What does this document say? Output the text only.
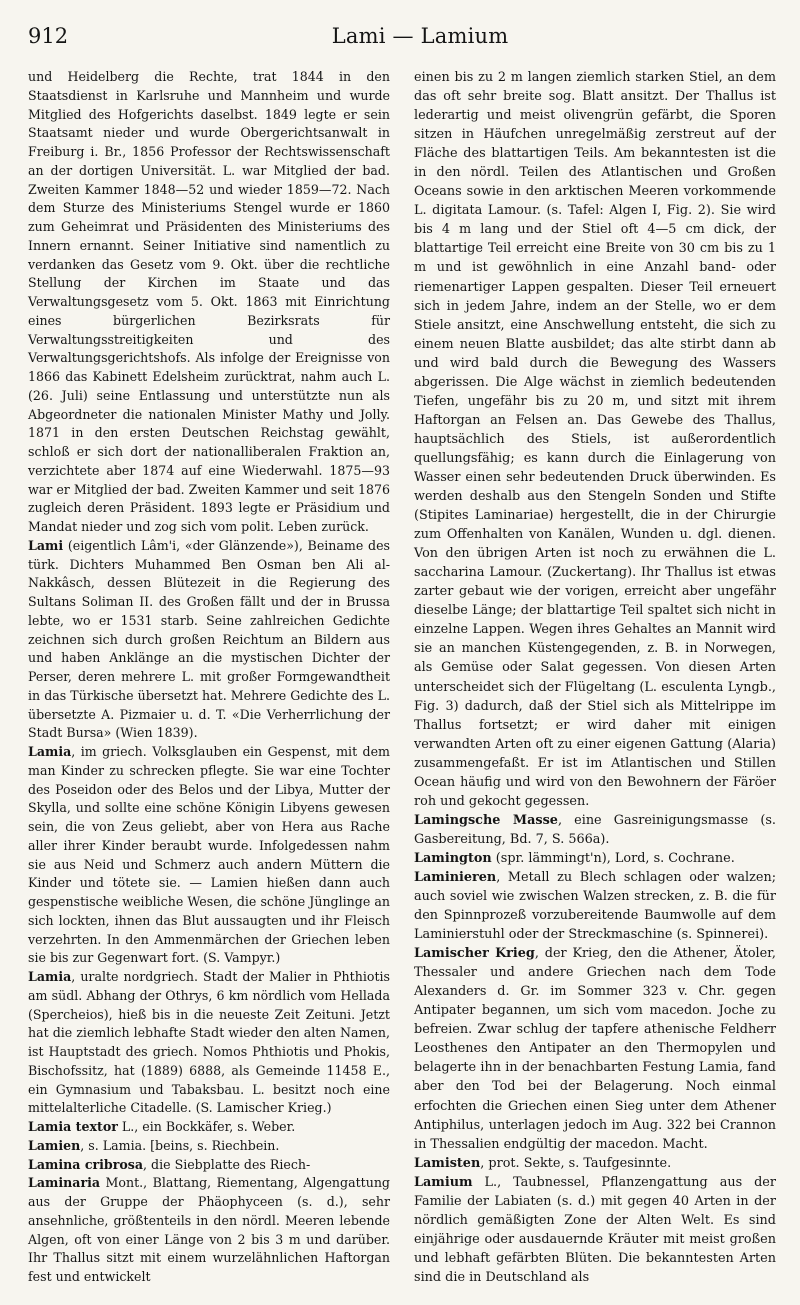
912	Lami — Lamium

und Heidelberg die Rechte, trat 1844 in den Staatsdienst in Karlsruhe und Mannheim und wurde Mitglied des Hofgerichts daselbst. 1849 legte er sein Staatsamt nieder und wurde Obergerichtsanwalt in Freiburg i. Br., 1856 Professor der Rechtswissenschaft an der dortigen Universität. L. war Mitglied der bad. Zweiten Kammer 1848—52 und wieder 1859—72. Nach dem Sturze des Ministeriums Stengel wurde er 1860 zum Geheimrat und Präsidenten des Ministeriums des Innern ernannt. Seiner Initiative sind namentlich zu verdanken das Gesetz vom 9. Okt. über die rechtliche Stellung der Kirchen im Staate und das Verwaltungsgesetz vom 5. Okt. 1863 mit Einrichtung eines bürgerlichen Bezirksrats für Verwaltungsstreitigkeiten und des Verwaltungsgerichtshofs. Als infolge der Ereignisse von 1866 das Kabinett Edelsheim zurücktrat, nahm auch L. (26. Juli) seine Entlassung und unterstützte nun als Abgeordneter die nationalen Minister Mathy und Jolly. 1871 in den ersten Deutschen Reichstag gewählt, schloß er sich dort der nationalliberalen Fraktion an, verzichtete aber 1874 auf eine Wiederwahl. 1875—93 war er Mitglied der bad. Zweiten Kammer und seit 1876 zugleich deren Präsident. 1893 legte er Präsidium und Mandat nieder und zog sich vom polit. Leben zurück.

Lami (eigentlich Lâm'i, «der Glänzende»), Beiname des türk. Dichters Muhammed Ben Osman ben Ali al-Nakkâsch, dessen Blütezeit in die Regierung des Sultans Soliman II. des Großen fällt und der in Brussa lebte, wo er 1531 starb. Seine zahlreichen Gedichte zeichnen sich durch großen Reichtum an Bildern aus und haben Anklänge an die mystischen Dichter der Perser, deren mehrere L. mit großer Formgewandtheit in das Türkische übersetzt hat. Mehrere Gedichte des L. übersetzte A. Pizmaier u. d. T. «Die Verherrlichung der Stadt Bursa» (Wien 1839).

Lamia, im griech. Volksglauben ein Gespenst, mit dem man Kinder zu schrecken pflegte. Sie war eine Tochter des Poseidon oder des Belos und der Libya, Mutter der Skylla, und sollte eine schöne Königin Libyens gewesen sein, die von Zeus geliebt, aber von Hera aus Rache aller ihrer Kinder beraubt wurde. Infolgedessen nahm sie aus Neid und Schmerz auch andern Müttern die Kinder und tötete sie. — Lamien hießen dann auch gespenstische weibliche Wesen, die schöne Jünglinge an sich lockten, ihnen das Blut aussaugten und ihr Fleisch verzehrten. In den Ammenmärchen der Griechen leben sie bis zur Gegenwart fort. (S. Vampyr.)

Lamia, uralte nordgriech. Stadt der Malier in Phthiotis am südl. Abhang der Othrys, 6 km nördlich vom Hellada (Spercheios), hieß bis in die neueste Zeit Zeituni. Jetzt hat die ziemlich lebhafte Stadt wieder den alten Namen, ist Hauptstadt des griech. Nomos Phthiotis und Phokis, Bischofssitz, hat (1889) 6888, als Gemeinde 11458 E., ein Gymnasium und Tabaksbau. L. besitzt noch eine mittelalterliche Citadelle. (S. Lamischer Krieg.)

Lamia textor L., ein Bockkäfer, s. Weber.

Lamien, s. Lamia. [beins, s. Riechbein.

Lamina cribrosa, die Siebplatte des Riech-

Laminaria Mont., Blattang, Riementang, Algengattung aus der Gruppe der Phäophyceen (s. d.), sehr ansehnliche, größtenteils in den nördl. Meeren lebende Algen, oft von einer Länge von 2 bis 3 m und darüber. Ihr Thallus sitzt mit einem wurzelähnlichen Haftorgan fest und entwickelt

einen bis zu 2 m langen ziemlich starken Stiel, an dem das oft sehr breite sog. Blatt ansitzt. Der Thallus ist lederartig und meist olivengrün gefärbt, die Sporen sitzen in Häufchen unregelmäßig zerstreut auf der Fläche des blattartigen Teils. Am bekanntesten ist die in den nördl. Teilen des Atlantischen und Großen Oceans sowie in den arktischen Meeren vorkommende L. digitata Lamour. (s. Tafel: Algen I, Fig. 2). Sie wird bis 4 m lang und der Stiel oft 4—5 cm dick, der blattartige Teil erreicht eine Breite von 30 cm bis zu 1 m und ist gewöhnlich in eine Anzahl band- oder riemenartiger Lappen gespalten. Dieser Teil erneuert sich in jedem Jahre, indem an der Stelle, wo er dem Stiele ansitzt, eine Anschwellung entsteht, die sich zu einem neuen Blatte ausbildet; das alte stirbt dann ab und wird bald durch die Bewegung des Wassers abgerissen. Die Alge wächst in ziemlich bedeutenden Tiefen, ungefähr bis zu 20 m, und sitzt mit ihrem Haftorgan an Felsen an. Das Gewebe des Thallus, hauptsächlich des Stiels, ist außerordentlich quellungsfähig; es kann durch die Einlagerung von Wasser einen sehr bedeutenden Druck überwinden. Es werden deshalb aus den Stengeln Sonden und Stifte (Stipites Laminariae) hergestellt, die in der Chirurgie zum Offenhalten von Kanälen, Wunden u. dgl. dienen. Von den übrigen Arten ist noch zu erwähnen die L. saccharina Lamour. (Zuckertang). Ihr Thallus ist etwas zarter gebaut wie der vorigen, erreicht aber ungefähr dieselbe Länge; der blattartige Teil spaltet sich nicht in einzelne Lappen. Wegen ihres Gehaltes an Mannit wird sie an manchen Küstengegenden, z. B. in Norwegen, als Gemüse oder Salat gegessen. Von diesen Arten unterscheidet sich der Flügeltang (L. esculenta Lyngb., Fig. 3) dadurch, daß der Stiel sich als Mittelrippe im Thallus fortsetzt; er wird daher mit einigen verwandten Arten oft zu einer eigenen Gattung (Alaria) zusammengefaßt. Er ist im Atlantischen und Stillen Ocean häufig und wird von den Bewohnern der Färöer roh und gekocht gegessen.

Lamingsche Masse, eine Gasreinigungsmasse (s. Gasbereitung, Bd. 7, S. 566a).

Lamington (spr. lämmingt'n), Lord, s. Cochrane.

Laminieren, Metall zu Blech schlagen oder walzen; auch soviel wie zwischen Walzen strecken, z. B. die für den Spinnprozeß vorzubereitende Baumwolle auf dem Laminierstuhl oder der Streckmaschine (s. Spinnerei).

Lamischer Krieg, der Krieg, den die Athener, Ätoler, Thessaler und andere Griechen nach dem Tode Alexanders d. Gr. im Sommer 323 v. Chr. gegen Antipater begannen, um sich vom macedon. Joche zu befreien. Zwar schlug der tapfere athenische Feldherr Leosthenes den Antipater an den Thermopylen und belagerte ihn in der benachbarten Festung Lamia, fand aber den Tod bei der Belagerung. Noch einmal erfochten die Griechen einen Sieg unter dem Athener Antiphilus, unterlagen jedoch im Aug. 322 bei Crannon in Thessalien endgültig der macedon. Macht.

Lamisten, prot. Sekte, s. Taufgesinnte.

Lamium L., Taubnessel, Pflanzengattung aus der Familie der Labiaten (s. d.) mit gegen 40 Arten in der nördlich gemäßigten Zone der Alten Welt. Es sind einjährige oder ausdauernde Kräuter mit meist großen und lebhaft gefärbten Blüten. Die bekanntesten Arten sind die in Deutschland als
